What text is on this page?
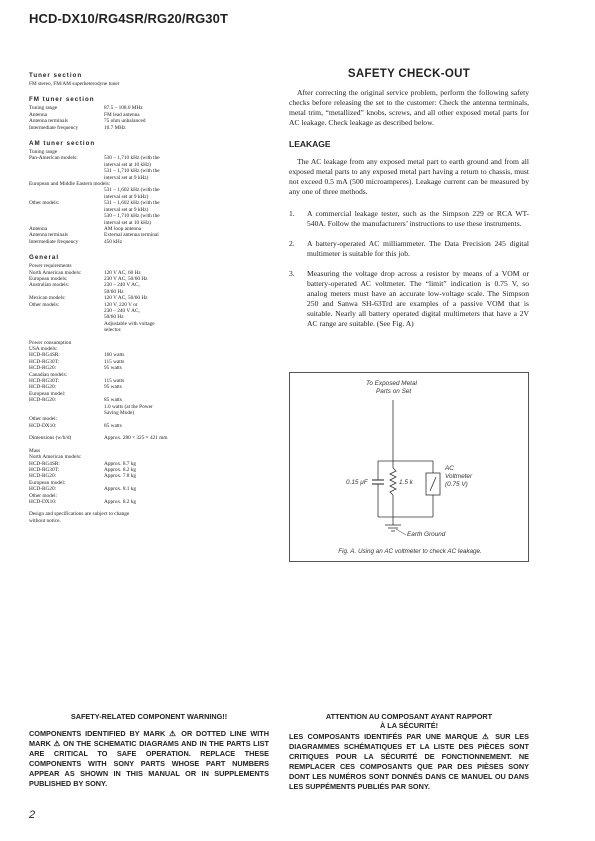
HCD-DX10/RG4SR/RG20/RG30T
Tuner section
FM stereo, FM/AM superheterodyne tuner
FM tuner section
Tuning range	87.5 – 108.0 MHz
Antenna	FM lead antenna
Antenna terminals	75 ohm unbalanced
Intermediate frequency	10.7 MHz
AM tuner section
Tuning range
Pan-American models:	530 – 1,710 kHz (with the
interval set at 10 kHz)
531 – 1,710 kHz (with the
interval set at 9 kHz)
European and Middle Eastern models:
531 – 1,602 kHz (with the
interval set at 9 kHz)
Other models:	531 – 1,602 kHz (with the
interval set at 9 kHz)
530 – 1,710 kHz (with the
interval set at 10 kHz)
Antenna	AM loop antenna
Antenna terminals	External antenna terminal
Intermediate frequency	450 kHz
General
Power requirements
North American models:	120 V AC, 60 Hz
European models:	230 V AC, 50/60 Hz
Australian models:	230 – 240 V AC,
50/60 Hz
Mexican models:	120 V AC, 50/60 Hz
Other models:	120 V, 220 V or
230 – 240 V AC,
50/60 Hz
Adjustable with voltage
selector.
Power consumption
USA models:
HCD-RG4SR:	160 watts
HCD-RG30T:	115 watts
HCD-RG20:	95 watts
Canadian models:
HCD-RG30T:	115 watts
HCD-RG20:	95 watts
European model:
HCD-RG20:	85 watts
1.0 watts (at the Power
Saving Mode)
Other model:
HCD-DX10:	85 watts
Dimensions (w/h/d)	Approx. 280 × 325 × 421 mm
Mass
North American models:
HCD-RG4SR:	Approx. 8.7 kg
HCD-RG30T:	Approx. 8.2 kg
HCD-RG20:	Approx. 7.8 kg
European model:
HCD-RG20:	Approx. 8.1 kg
Other model:
HCD-DX10:	Approx. 8.2 kg
Design and specifications are subject to change
without notice.
SAFETY CHECK-OUT
After correcting the original service problem, perform the following safety checks before releasing the set to the customer: Check the antenna terminals, metal trim, “metallized” knobs, screws, and all other exposed metal parts for AC leakage. Check leakage as described below.
LEAKAGE
The AC leakage from any exposed metal part to earth ground and from all exposed metal parts to any exposed metal part having a return to chassis, must not exceed 0.5 mA (500 microamperes). Leakage current can be measured by any one of three methods.
1.	A commercial leakage tester, such as the Simpson 229 or RCA WT-540A. Follow the manufacturers’ instructions to use these instruments.
2.	A battery-operated AC milliammeter. The Data Precision 245 digital multimeter is suitable for this job.
3.	Measuring the voltage drop across a resistor by means of a VOM or battery-operated AC voltmeter. The “limit” indication is 0.75 V, so analog meters must have an accurate low-voltage scale. The Simpson 250 and Sanwa SH-63Trd are examples of a passive VOM that is suitable. Nearly all battery operated digital multimeters that have a 2V AC range are suitable. (See Fig. A)
To Exposed Metal
Parts on Set
0.15 μF	1.5 k
AC
Voltmeter
(0.75 V)
Earth Ground
Fig. A. Using an AC voltmeter to check AC leakage.
SAFETY-RELATED COMPONENT WARNING!!
COMPONENTS IDENTIFIED BY MARK ⚠ OR DOTTED LINE WITH MARK ⚠ ON THE SCHEMATIC DIAGRAMS AND IN THE PARTS LIST ARE CRITICAL TO SAFE OPERATION. REPLACE THESE COMPONENTS WITH SONY PARTS WHOSE PART NUMBERS APPEAR AS SHOWN IN THIS MANUAL OR IN SUPPLEMENTS PUBLISHED BY SONY.
ATTENTION AU COMPOSANT AYANT RAPPORT
À LA SÉCURITÉ!
LES COMPOSANTS IDENTIFÉS PAR UNE MARQUE ⚠ SUR LES DIAGRAMMES SCHÉMATIQUES ET LA LISTE DES PIÈCES SONT CRITIQUES POUR LA SÉCURITÉ DE FONCTIONNEMENT. NE REMPLACER CES COMPOSANTS QUE PAR DES PIÈSES SONY DONT LES NUMÉROS SONT DONNÉS DANS CE MANUEL OU DANS LES SUPPÉMENTS PUBLIÉS PAR SONY.
2
